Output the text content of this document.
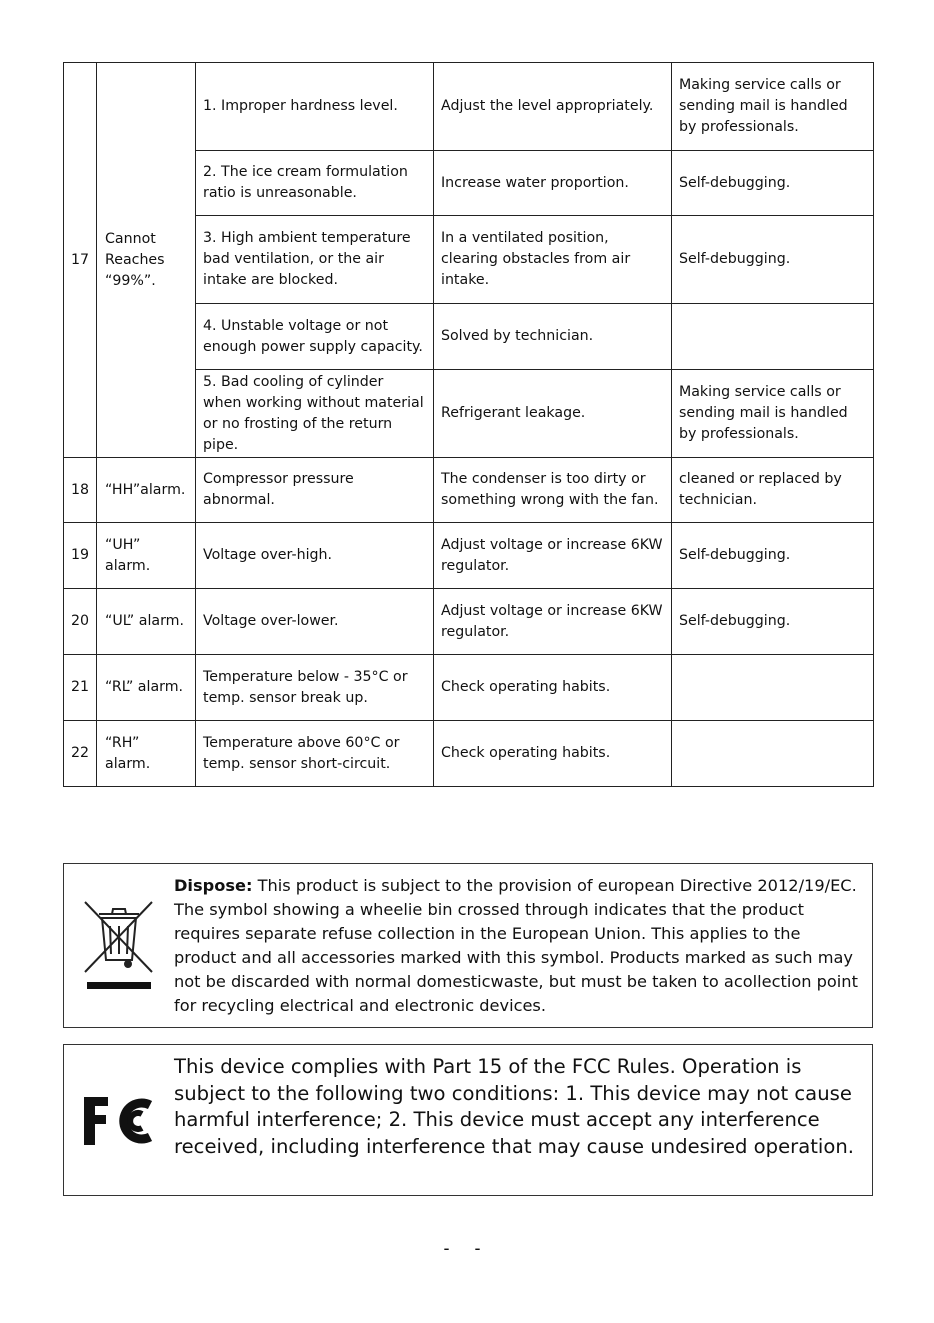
17	Cannot Reaches “99%”.	1. Improper hardness level.	Adjust the level appropriately.	Making service calls or sending mail is handled by professionals.
		2. The ice cream formulation ratio is unreasonable.	Increase water proportion.	Self-debugging.
		3. High ambient temperature bad ventilation, or the air intake are blocked.	In a ventilated position, clearing obstacles from air intake.	Self-debugging.
		4. Unstable voltage or not enough power supply capacity.	Solved by technician.	
		5. Bad cooling of cylinder when working without material or no frosting of the return pipe.	Refrigerant leakage.	Making service calls or sending mail is handled by professionals.
18	“HH”alarm.	Compressor pressure abnormal.	The condenser is too dirty or something wrong with the fan.	cleaned or replaced by technician.
19	“UH” alarm.	Voltage over-high.	Adjust voltage or increase 6KW regulator.	Self-debugging.
20	“UL” alarm.	Voltage over-lower.	Adjust voltage or increase 6KW regulator.	Self-debugging.
21	“RL” alarm.	Temperature below - 35°C or temp. sensor break up.	Check operating habits.	
22	“RH” alarm.	Temperature above 60°C or temp. sensor short-circuit.	Check operating habits.	

Dispose: This product is subject to the provision of european Directive 2012/19/EC. The symbol showing a wheelie bin crossed through indicates that the product requires separate refuse collection in the European Union. This applies to the product and all accessories marked with this symbol. Products marked as such may not be discarded with normal domesticwaste, but must be taken to acollection point for recycling electrical and electronic devices.

This device complies with Part 15 of the FCC Rules. Operation is subject to the following two conditions: 1. This device may not cause harmful interference; 2. This device must accept any interference received, including interference that may cause undesired operation.

- -
